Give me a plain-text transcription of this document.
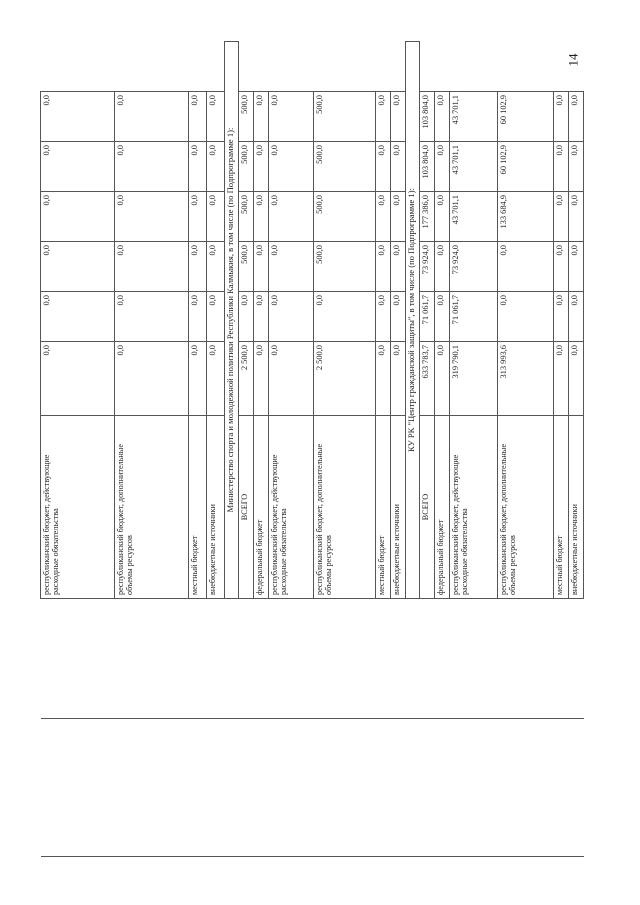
14
		республиканский бюджет, действующие расходные обязательства	0,0	0,0	0,0	0,0	0,0	0,0
		республиканский бюджет, дополнительные объемы ресурсов	0,0	0,0	0,0	0,0	0,0	0,0
		местный бюджет	0,0	0,0	0,0	0,0	0,0	0,0
		внебюджетные источники	0,0	0,0	0,0	0,0	0,0	0,0
		Министерство спорта и молодежной политики Республики Калмыкия, в том числе (по Подпрограмме 1):						
		ВСЕГО	2 500,0	0,0	500,0	500,0	500,0	500,0
		федеральный бюджет	0,0	0,0	0,0	0,0	0,0	0,0
		республиканский бюджет, действующие расходные обязательства	0,0	0,0	0,0	0,0	0,0	0,0
		республиканский бюджет, дополнительные объемы ресурсов	2 500,0	0,0	500,0	500,0	500,0	500,0
		местный бюджет	0,0	0,0	0,0	0,0	0,0	0,0
		внебюджетные источники	0,0	0,0	0,0	0,0	0,0	0,0
		КУ РК "Центр гражданской защиты", в том числе (по Подпрограмме 1):						
		ВСЕГО	633 783,7	71 061,7	73 924,0	177 386,0	103 804,0	103 804,0
		федеральный бюджет	0,0	0,0	0,0	0,0	0,0	0,0
		республиканский бюджет, действующие расходные обязательства	319 790,1	71 061,7	73 924,0	43 701,1	43 701,1	43 701,1
		республиканский бюджет, дополнительные объемы ресурсов	313 993,6	0,0	0,0	133 684,9	60 102,9	60 102,9
		местный бюджет	0,0	0,0	0,0	0,0	0,0	0,0
		внебюджетные источники	0,0	0,0	0,0	0,0	0,0	0,0
